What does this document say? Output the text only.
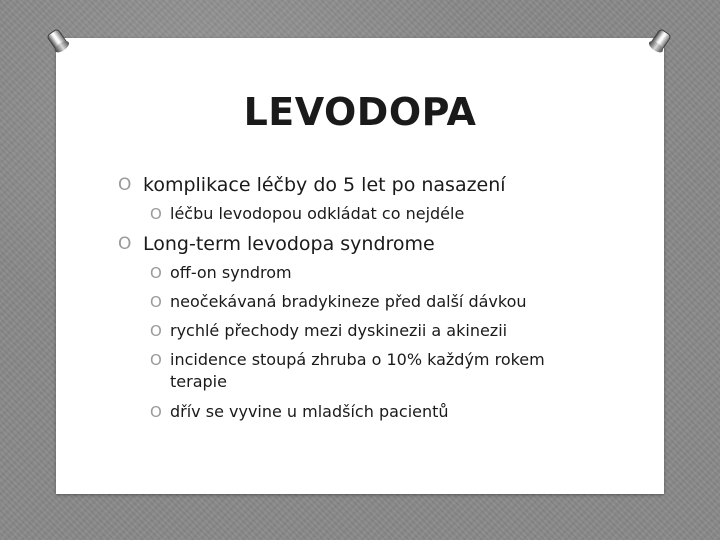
LEVODOPA
O komplikace léčby do 5 let po nasazení
O léčbu levodopou odkládat co nejdéle
O Long-term levodopa syndrome
O off-on syndrom
O neočekávaná bradykineze před další dávkou
O rychlé přechody mezi dyskinezii a akinezii
O incidence stoupá zhruba o 10% každým rokem terapie
O dřív se vyvine u mladších pacientů
